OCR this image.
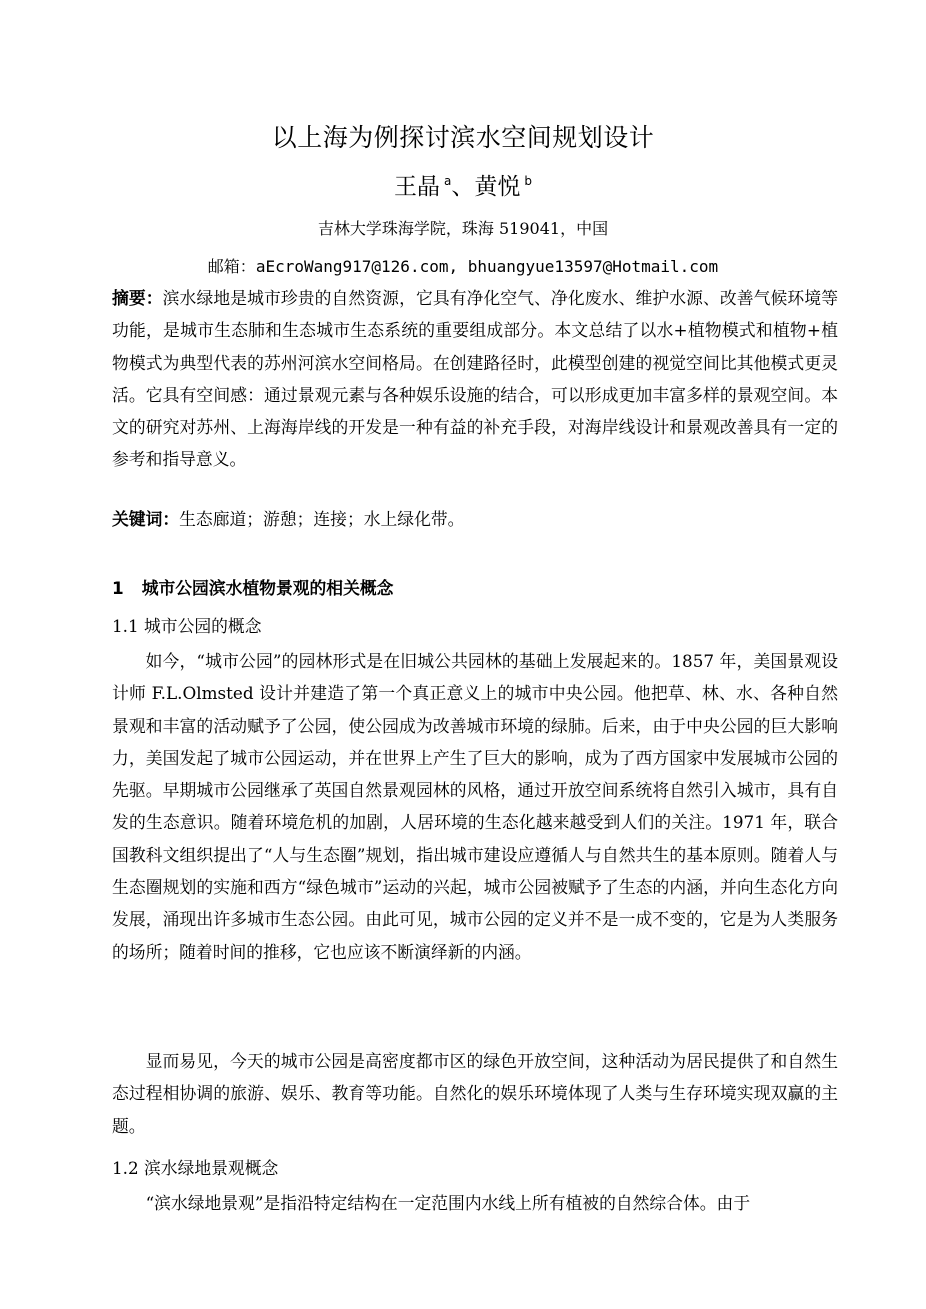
以上海为例探讨滨水空间规划设计
王晶 $^a$、黄悦 $^b$
吉林大学珠海学院，珠海 519041，中国
邮箱：aEcroWang917@126.com, bhuangyue13597@Hotmail.com
摘要：滨水绿地是城市珍贵的自然资源，它具有净化空气、净化废水、维护水源、改善气候环境等功能，是城市生态肺和生态城市生态系统的重要组成部分。本文总结了以水+植物模式和植物+植物模式为典型代表的苏州河滨水空间格局。在创建路径时，此模型创建的视觉空间比其他模式更灵活。它具有空间感：通过景观元素与各种娱乐设施的结合，可以形成更加丰富多样的景观空间。本文的研究对苏州、上海海岸线的开发是一种有益的补充手段，对海岸线设计和景观改善具有一定的参考和指导意义。
关键词：生态廊道；游憩；连接；水上绿化带。
1 城市公园滨水植物景观的相关概念
1.1 城市公园的概念
如今，“城市公园”的园林形式是在旧城公共园林的基础上发展起来的。1857 年，美国景观设计师 F.L.Olmsted 设计并建造了第一个真正意义上的城市中央公园。他把草、林、水、各种自然景观和丰富的活动赋予了公园，使公园成为改善城市环境的绿肺。后来，由于中央公园的巨大影响力，美国发起了城市公园运动，并在世界上产生了巨大的影响，成为了西方国家中发展城市公园的先驱。早期城市公园继承了英国自然景观园林的风格，通过开放空间系统将自然引入城市，具有自发的生态意识。随着环境危机的加剧，人居环境的生态化越来越受到人们的关注。1971 年，联合国教科文组织提出了“人与生态圈”规划，指出城市建设应遵循人与自然共生的基本原则。随着人与生态圈规划的实施和西方“绿色城市”运动的兴起，城市公园被赋予了生态的内涵，并向生态化方向发展，涌现出许多城市生态公园。由此可见，城市公园的定义并不是一成不变的，它是为人类服务的场所；随着时间的推移，它也应该不断演绎新的内涵。
显而易见，今天的城市公园是高密度都市区的绿色开放空间，这种活动为居民提供了和自然生态过程相协调的旅游、娱乐、教育等功能。自然化的娱乐环境体现了人类与生存环境实现双赢的主题。
1.2 滨水绿地景观概念
“滨水绿地景观”是指沿特定结构在一定范围内水线上所有植被的自然综合体。由于
